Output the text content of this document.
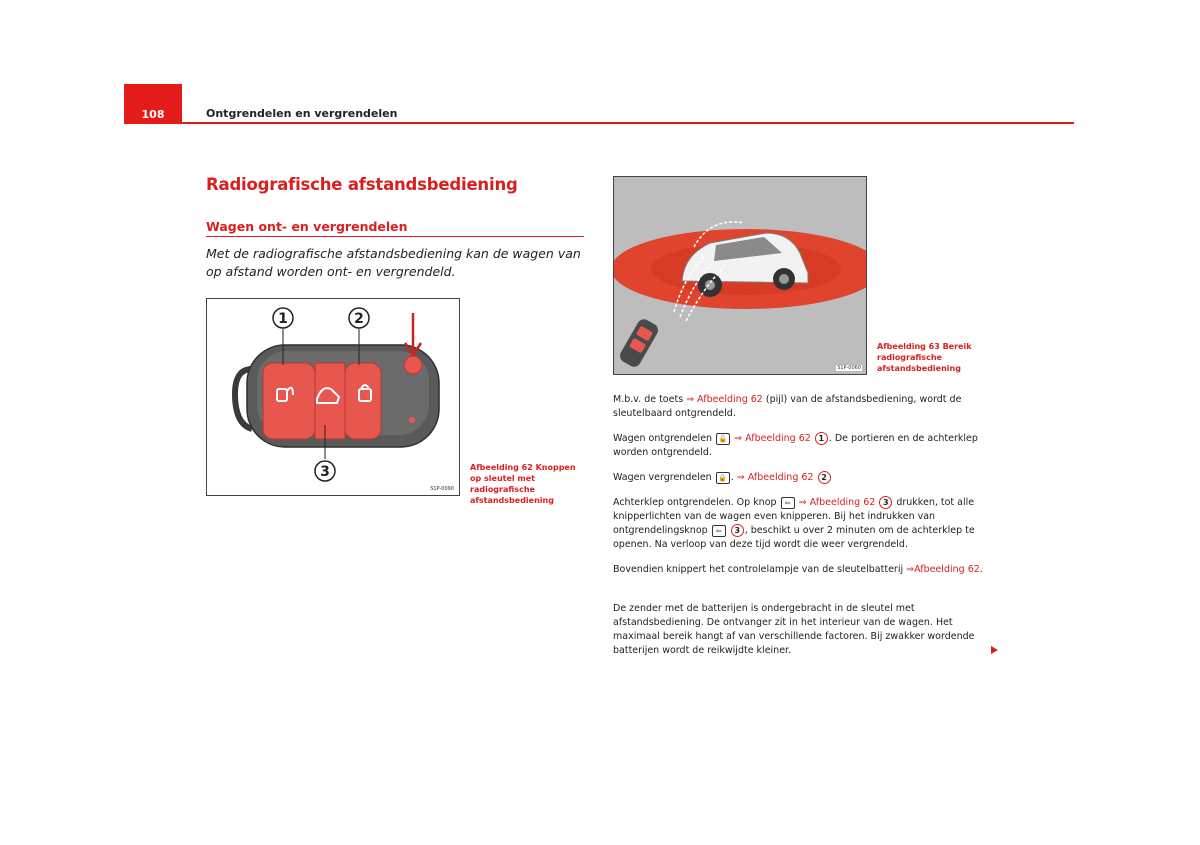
108	Ontgrendelen en vergrendelen
Radiografische afstandsbediening
Wagen ont- en vergrendelen
Met de radiografische afstandsbediening kan de wagen van op afstand worden ont- en vergrendeld.
1	2
3
S1P-0090
Afbeelding 62 Knoppen op sleutel met radiografische afstandsbediening
S1P-0060
Afbeelding 63 Bereik radiografische afstandsbediening
M.b.v. de toets ⇒ Afbeelding 62 (pijl) van de afstandsbediening, wordt de sleutelbaard ontgrendeld.
Wagen ontgrendelen 🔓 ⇒ Afbeelding 62 1 . De portieren en de achterklep worden ontgrendeld.
Wagen vergrendelen 🔒 . ⇒ Afbeelding 62 2
Achterklep ontgrendelen. Op knop ⇦ ⇒ Afbeelding 62 3 drukken, tot alle knipperlichten van de wagen even knipperen. Bij het indrukken van ontgrendelingsknop ⇦ 3 , beschikt u over 2 minuten om de achterklep te openen. Na verloop van deze tijd wordt die weer vergrendeld.
Bovendien knippert het controlelampje van de sleutelbatterij ⇒Afbeelding 62.
De zender met de batterijen is ondergebracht in de sleutel met afstandsbediening. De ontvanger zit in het interieur van de wagen. Het maximaal bereik hangt af van verschillende factoren. Bij zwakker wordende batterijen wordt de reikwijdte kleiner.
